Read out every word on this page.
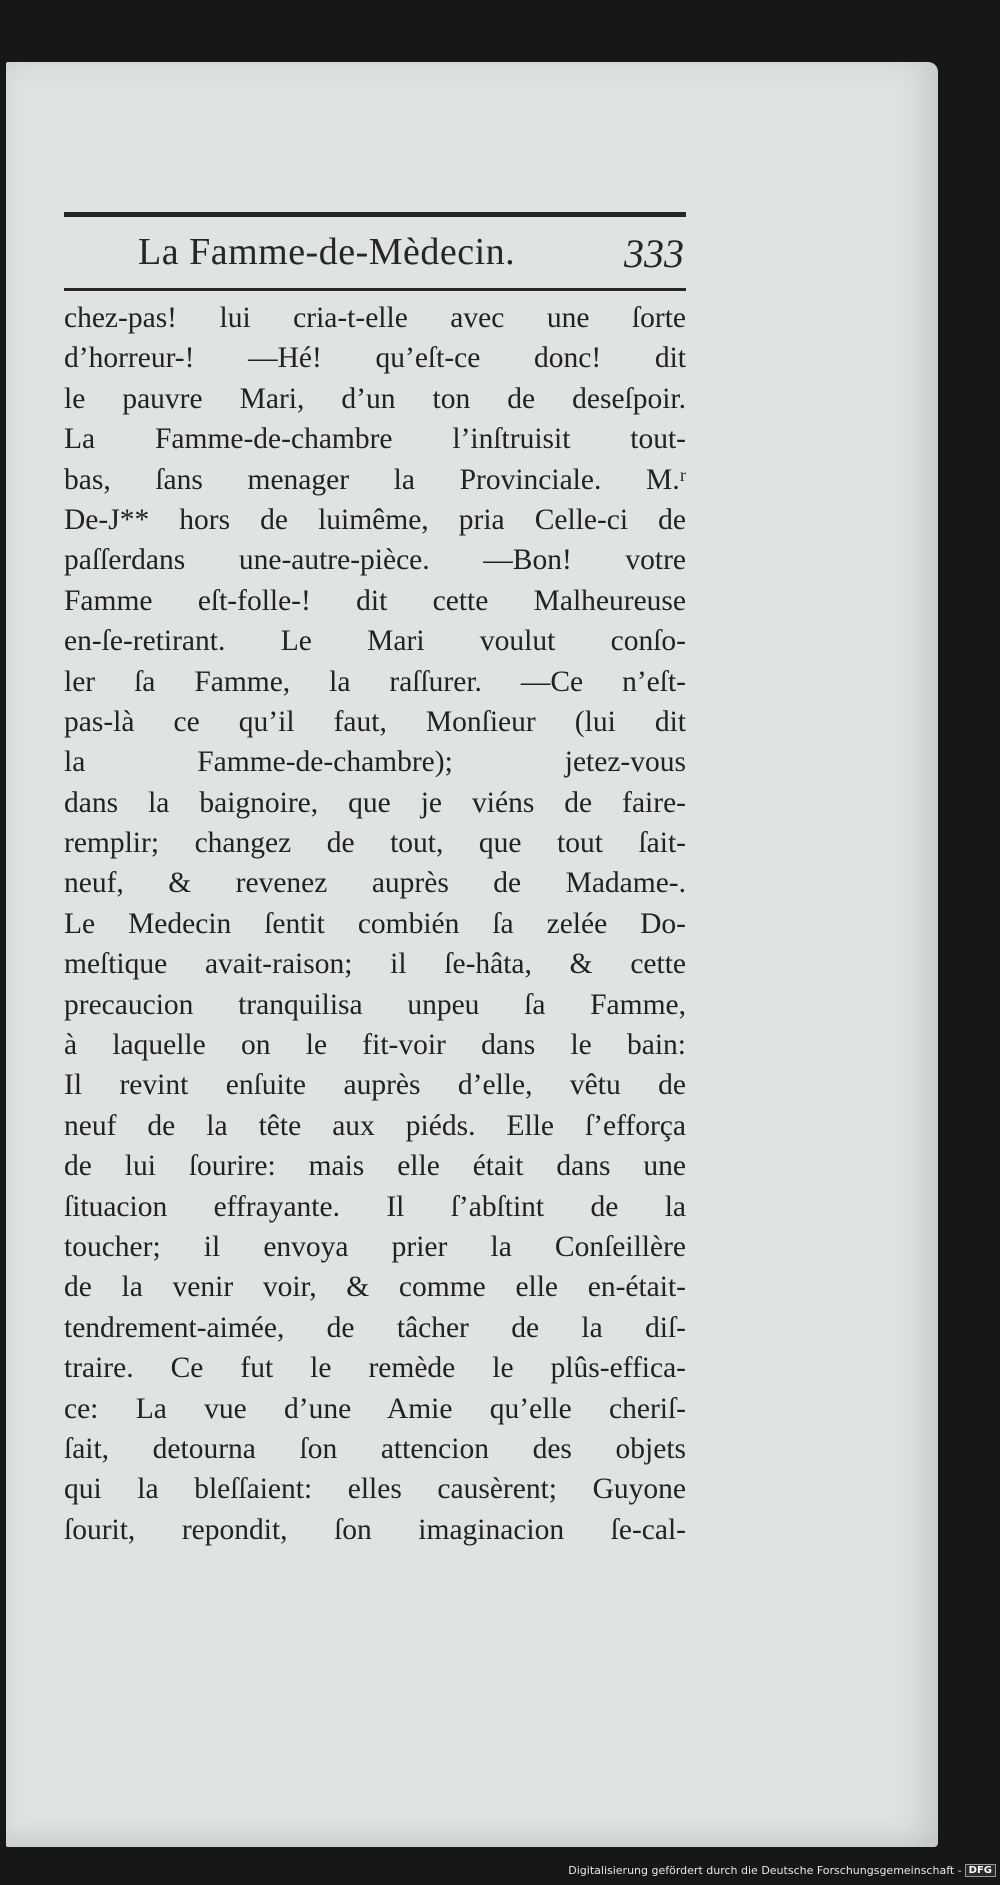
La Famme-de-Mèdecin.	333
chez-pas! lui cria-t-elle avec une ſorte
d’horreur-! —Hé! qu’eſt-ce donc! dit
le pauvre Mari, d’un ton de deseſpoir.
La Famme-de-chambre l’inſtruisit tout-
bas, ſans menager la Provinciale. M.ʳ
De-J** hors de luimême, pria Celle-ci de
paſſerdans une-autre-pièce. —Bon! votre
Famme eſt-folle-! dit cette Malheureuse
en-ſe-retirant. Le Mari voulut conſo-
ler ſa Famme, la raſſurer. —Ce n’eſt-
pas-là ce qu’il faut, Monſieur (lui dit
la Famme-de-chambre); jetez-vous
dans la baignoire, que je viéns de faire-
remplir; changez de tout, que tout ſait-
neuf, & revenez auprès de Madame-.
Le Medecin ſentit combién ſa zelée Do-
meſtique avait-raison; il ſe-hâta, & cette
precaucion tranquilisa unpeu ſa Famme,
à laquelle on le fit-voir dans le bain:
Il revint enſuite auprès d’elle, vêtu de
neuf de la tête aux piéds. Elle ſ’efforça
de lui ſourire: mais elle était dans une
ſituacion effrayante. Il ſ’abſtint de la
toucher; il envoya prier la Conſeillère
de la venir voir, & comme elle en-était-
tendrement-aimée, de tâcher de la diſ-
traire. Ce fut le remède le plûs-effica-
ce: La vue d’une Amie qu’elle cheriſ-
ſait, detourna ſon attencion des objets
qui la bleſſaient: elles causèrent; Guyone
ſourit, repondit, ſon imaginacion ſe-cal-
Digitalisierung gefördert durch die Deutsche Forschungsgemeinschaft - DFG
